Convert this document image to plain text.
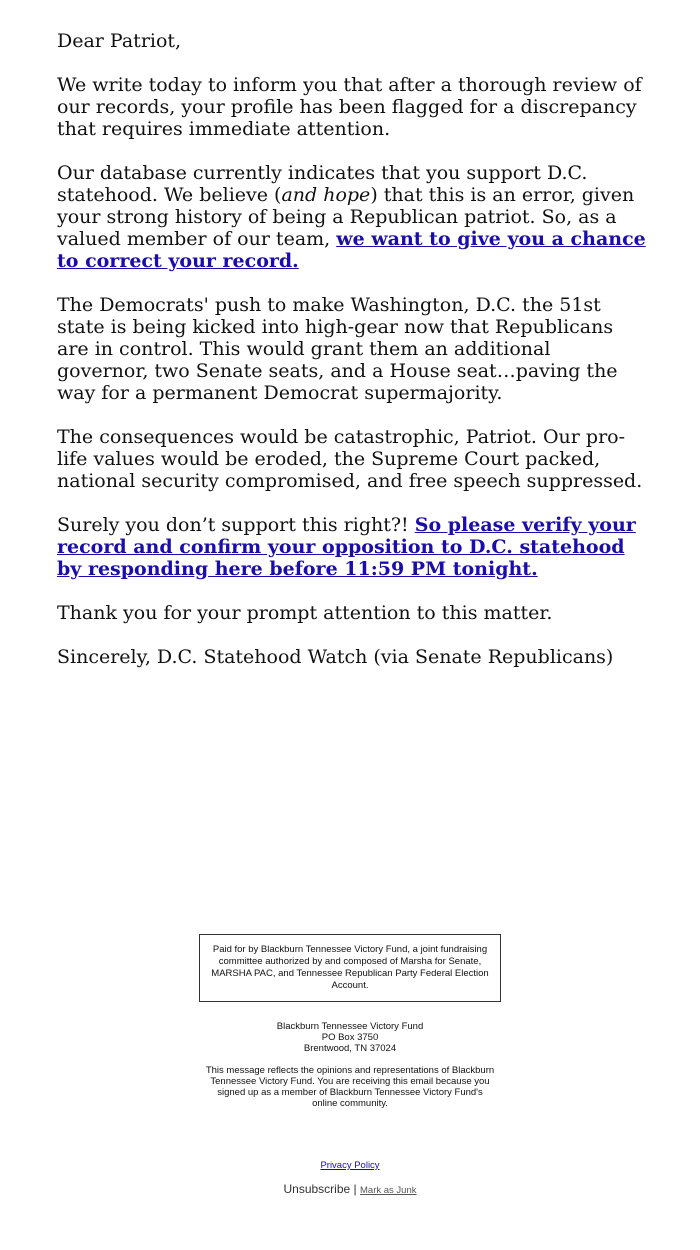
Dear Patriot,

We write today to inform you that after a thorough review of our records, your profile has been flagged for a discrepancy that requires immediate attention.

Our database currently indicates that you support D.C. statehood. We believe (and hope) that this is an error, given your strong history of being a Republican patriot. So, as a valued member of our team, we want to give you a chance to correct your record.

The Democrats' push to make Washington, D.C. the 51st state is being kicked into high-gear now that Republicans are in control. This would grant them an additional governor, two Senate seats, and a House seat…paving the way for a permanent Democrat supermajority.

The consequences would be catastrophic, Patriot. Our pro-life values would be eroded, the Supreme Court packed, national security compromised, and free speech suppressed.

Surely you don’t support this right?! So please verify your record and confirm your opposition to D.C. statehood by responding here before 11:59 PM tonight.

Thank you for your prompt attention to this matter.

Sincerely, D.C. Statehood Watch (via Senate Republicans)

Paid for by Blackburn Tennessee Victory Fund, a joint fundraising committee authorized by and composed of Marsha for Senate, MARSHA PAC, and Tennessee Republican Party Federal Election Account.
Blackburn Tennessee Victory Fund
PO Box 3750
Brentwood, TN 37024
This message reflects the opinions and representations of Blackburn Tennessee Victory Fund. You are receiving this email because you signed up as a member of Blackburn Tennessee Victory Fund's online community.
Privacy Policy
Unsubscribe | Mark as Junk
